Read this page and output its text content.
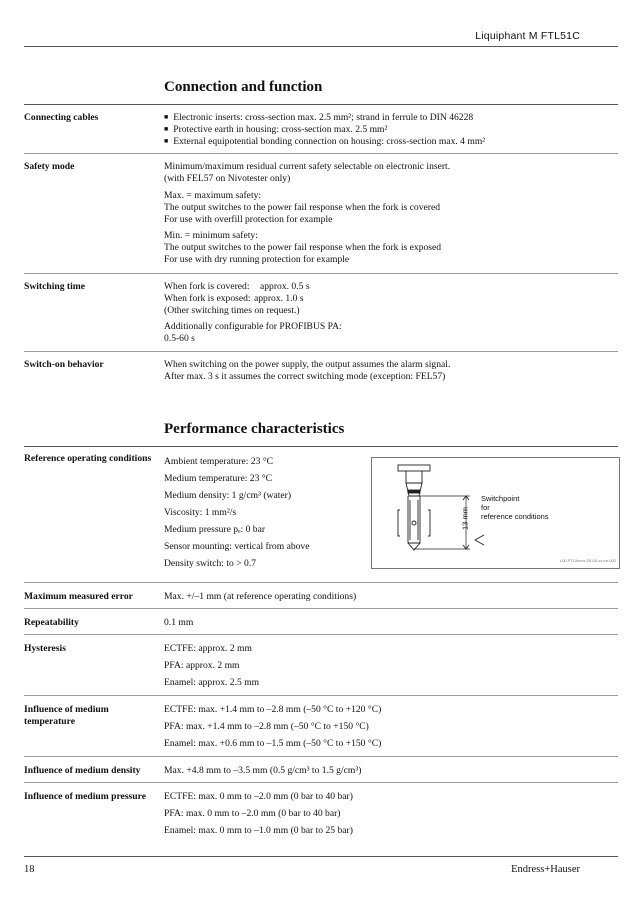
Liquiphant M FTL51C
Connection and function
Connecting cables
■	Electronic inserts: cross-section max. 2.5 mm²; strand in ferrule to DIN 46228
■ Protective earth in housing: cross-section max. 2.5 mm²
■ External equipotential bonding connection on housing: cross-section max. 4 mm²
Safety mode	Minimum/maximum residual current safety selectable on electronic insert.
(with FEL57 on Nivotester only)
Max. = maximum safety:
The output switches to the power fail response when the fork is covered
For use with overfill protection for example
Min. = minimum safety:
The output switches to the power fail response when the fork is exposed
For use with dry running protection for example
Switching time	When fork is covered: approx. 0.5 s
When fork is exposed: approx. 1.0 s
(Other switching times on request.)
Additionally configurable for PROFIBUS PA:
0.5-60 s
Switch-on behavior	When switching on the power supply, the output assumes the alarm signal.
After max. 3 s it assumes the correct switching mode (exception: FEL57)
Performance characteristics
Reference operating conditions Ambient temperature: 23 °C
Medium temperature: 23 °C
Medium density: 1 g/cm³ (water)
Viscosity: 1 mm²/s
Medium pressure pₑ: 0 bar
Sensor mounting: vertical from above
Density switch: to > 0.7
13 mm
Switchpoint
for
reference conditions
L00-FTL5xxxx-05-05-xx-en-002
Maximum measured error	Max. +/–1 mm (at reference operating conditions)
Repeatability	0.1 mm
Hysteresis	ECTFE: approx. 2 mm
PFA: approx. 2 mm
Enamel: approx. 2.5 mm
Influence of medium temperature
ECTFE: max. +1.4 mm to –2.8 mm (–50 °C to +120 °C)
PFA: max. +1.4 mm to –2.8 mm (–50 °C to +150 °C)
Enamel: max. +0.6 mm to –1.5 mm (–50 °C to +150 °C)
Influence of medium density	Max. +4.8 mm to –3.5 mm (0.5 g/cm³ to 1.5 g/cm³)
Influence of medium pressure	ECTFE: max. 0 mm to –2.0 mm (0 bar to 40 bar)
PFA: max. 0 mm to –2.0 mm (0 bar to 40 bar)
Enamel: max. 0 mm to –1.0 mm (0 bar to 25 bar)
18	Endress+Hauser
